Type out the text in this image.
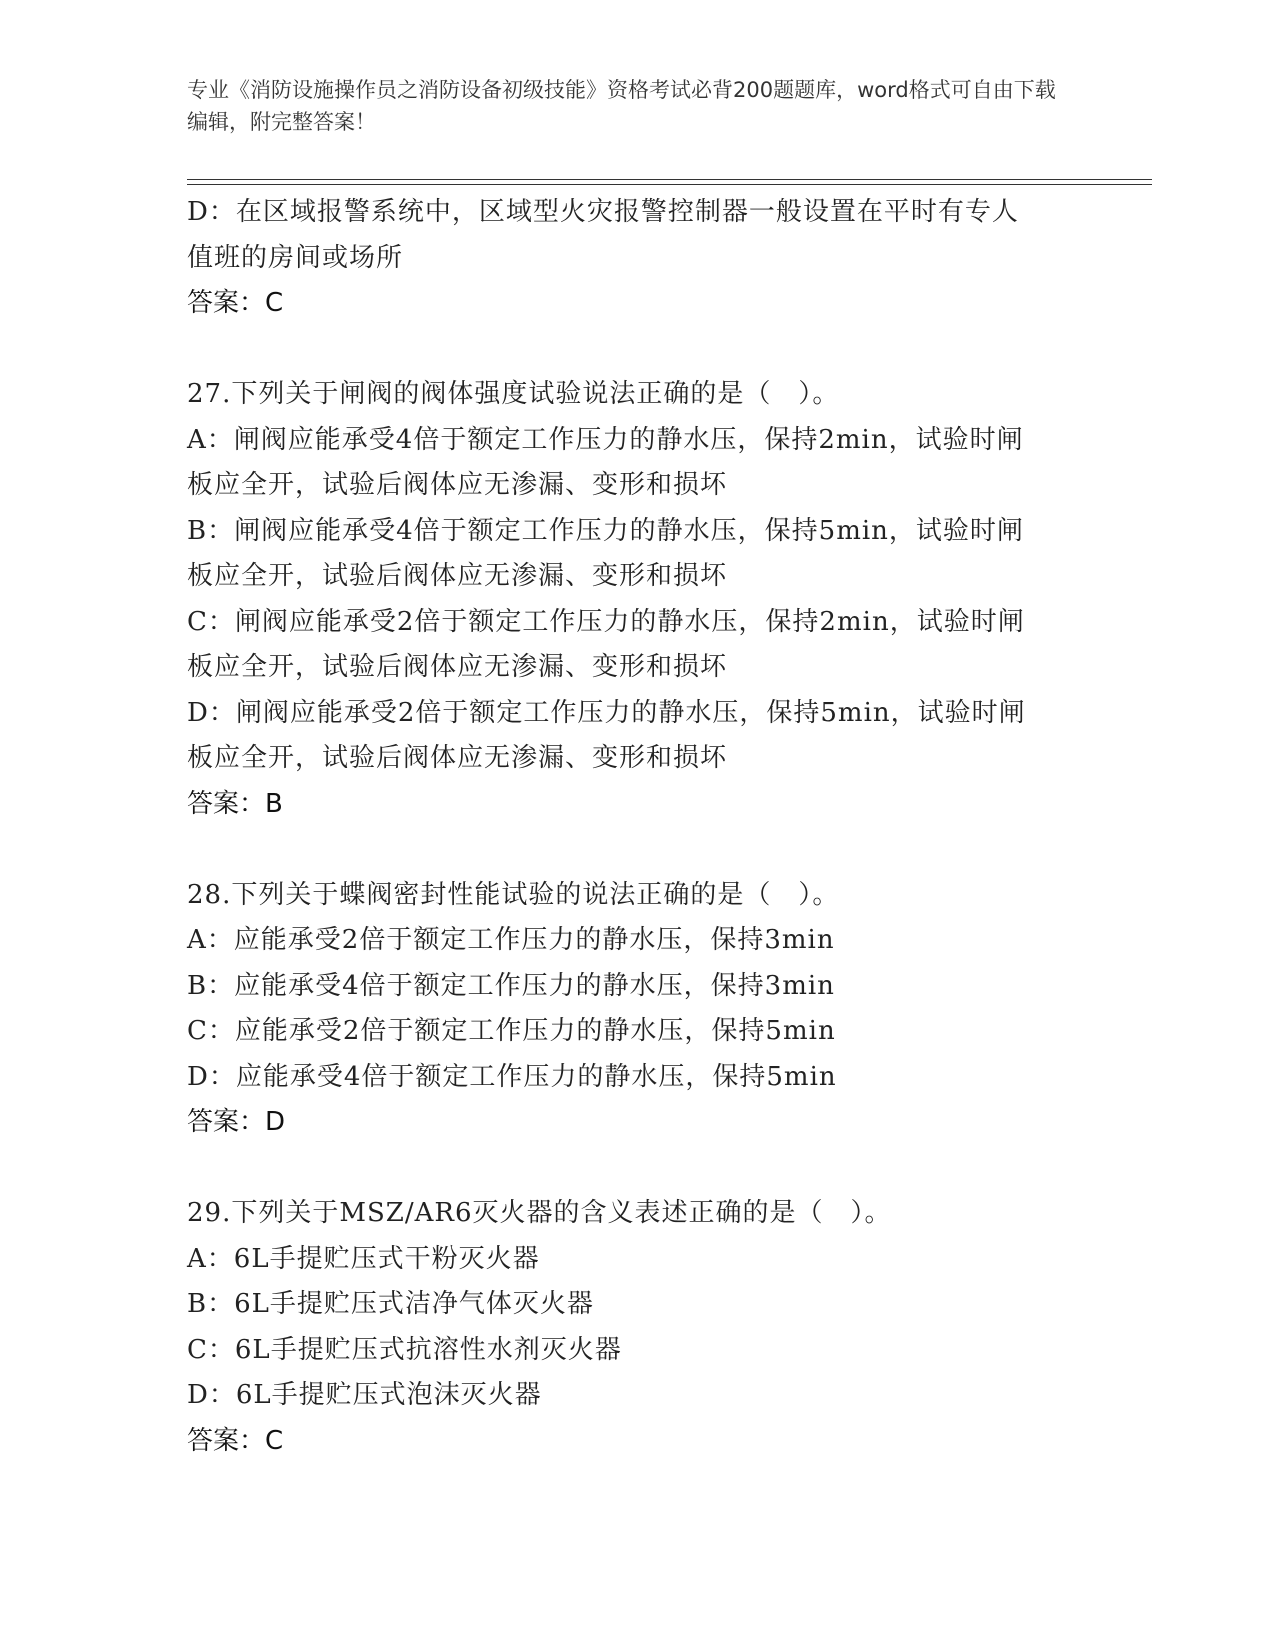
专业《消防设施操作员之消防设备初级技能》资格考试必背200题题库，word格式可自由下载编辑，附完整答案！
D：在区域报警系统中，区域型火灾报警控制器一般设置在平时有专人
值班的房间或场所
答案：C
27.下列关于闸阀的阀体强度试验说法正确的是（　）。
A：闸阀应能承受4倍于额定工作压力的静水压，保持2min，试验时闸
板应全开，试验后阀体应无渗漏、变形和损坏
B：闸阀应能承受4倍于额定工作压力的静水压，保持5min，试验时闸
板应全开，试验后阀体应无渗漏、变形和损坏
C：闸阀应能承受2倍于额定工作压力的静水压，保持2min，试验时闸
板应全开，试验后阀体应无渗漏、变形和损坏
D：闸阀应能承受2倍于额定工作压力的静水压，保持5min，试验时闸
板应全开，试验后阀体应无渗漏、变形和损坏
答案：B
28.下列关于蝶阀密封性能试验的说法正确的是（　）。
A：应能承受2倍于额定工作压力的静水压，保持3min
B：应能承受4倍于额定工作压力的静水压，保持3min
C：应能承受2倍于额定工作压力的静水压，保持5min
D：应能承受4倍于额定工作压力的静水压，保持5min
答案：D
29.下列关于MSZ/AR6灭火器的含义表述正确的是（　）。
A：6L手提贮压式干粉灭火器
B：6L手提贮压式洁净气体灭火器
C：6L手提贮压式抗溶性水剂灭火器
D：6L手提贮压式泡沫灭火器
答案：C
